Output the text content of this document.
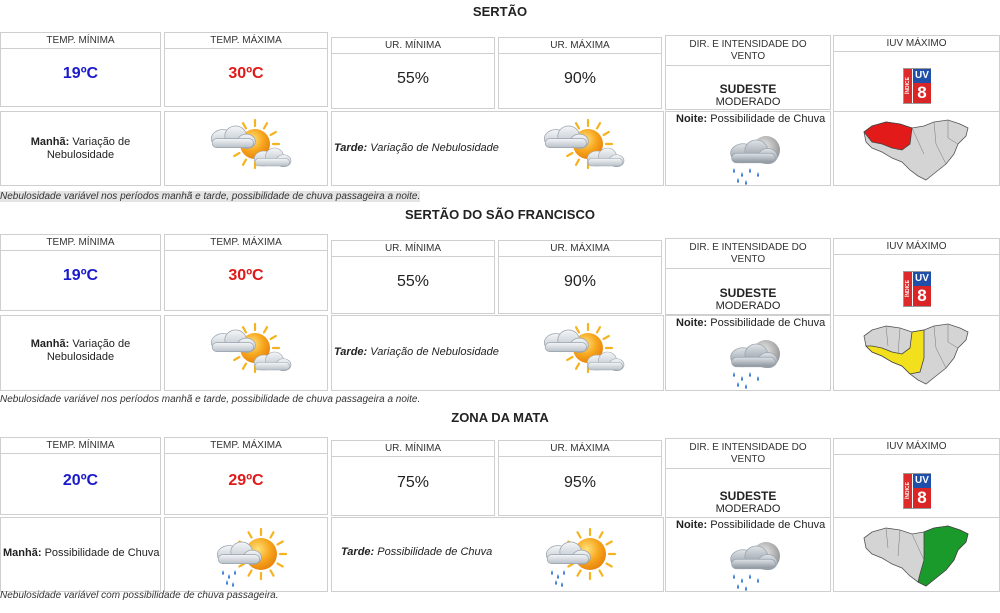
SERTÃO
TEMP. MÍNIMA
19ºC
TEMP. MÁXIMA
30ºC
UR. MÍNIMA
55%
UR. MÁXIMA
90%
DIR. E INTENSIDADE DO
VENTO
SUDESTE
MODERADO
IUV MÁXIMO
ÍNDICE
UV
8
Manhã: Variação de
Nebulosidade
Tarde: Variação de Nebulosidade
Noite: Possibilidade de Chuva
Nebulosidade variável nos períodos manhã e tarde, possibilidade de chuva passageira a noite.
SERTÃO DO SÃO FRANCISCO
TEMP. MÍNIMA
19ºC
TEMP. MÁXIMA
30ºC
UR. MÍNIMA
55%
UR. MÁXIMA
90%
DIR. E INTENSIDADE DO
VENTO
SUDESTE
MODERADO
IUV MÁXIMO
ÍNDICE
UV
8
Manhã: Variação de
Nebulosidade	Tarde: Variação de Nebulosidade
Noite: Possibilidade de Chuva
Nebulosidade variável nos períodos manhã e tarde, possibilidade de chuva passageira a noite.
ZONA DA MATA
TEMP. MÍNIMA
20ºC
TEMP. MÁXIMA
29ºC
UR. MÍNIMA
75%
UR. MÁXIMA
95%
DIR. E INTENSIDADE DO
VENTO
SUDESTE
MODERADO
IUV MÁXIMO
ÍNDICE
UV
8
Manhã: Possibilidade de Chuva	Tarde: Possibilidade de Chuva
Noite: Possibilidade de Chuva
Nebulosidade variável com possibilidade de chuva passageira.
